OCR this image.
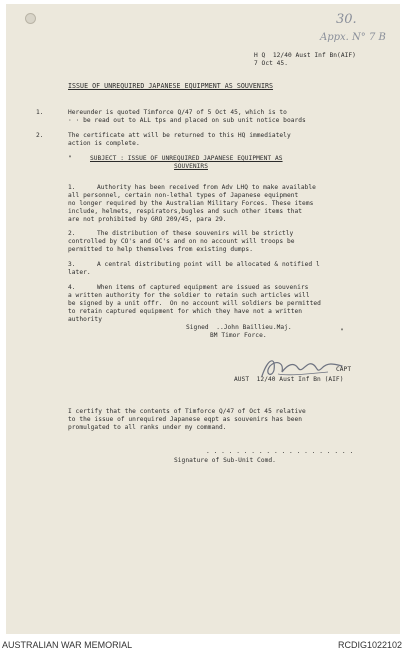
30.
Appx. N° 7 B

H Q  12/40 Aust Inf Bn(AIF)

7 Oct 45.

ISSUE OF UNREQUIRED JAPANESE EQUIPMENT AS SOUVENIRS

1.	Hereunder is quoted Timforce Q/47 of 5 Oct 45, which is to

· · be read out to ALL tps and placed on sub unit notice boards

2.	The certificate att will be returned to this HQ immediately

action is complete.

"	SUBJECT : ISSUE OF UNREQUIRED JAPANESE EQUIPMENT AS

SOUVENIRS

1.	Authority has been received from Adv LHQ to make available

all personnel, certain non-lethal types of Japanese equipment

no longer required by the Australian Military Forces. These items

include, helmets, respirators,bugles and such other items that

are not prohibited by GRO 209/45, para 29.

2.	The distribution of these souvenirs will be strictly

controlled by CO's and OC's and on no account will troops be

permitted to help themselves from existing dumps.

3.	A central distributing point will be allocated & notified l

later.

4.	When items of captured equipment are issued as souvenirs

a written authority for the soldier to retain such articles will

be signed by a unit offr.  On no account will soldiers be permitted

to retain captured equipment for which they have not a written

authority

Signed  ..John Baillieu.Maj.

BM Timor Force.

"

CAPT

AUST  12/40 Aust Inf Bn (AIF)

I certify that the contents of Timforce Q/47 of Oct 45 relative

to the issue of unrequired Japanese eqpt as souvenirs has been

promulgated to all ranks under my command.

. . . . . . . . . . . . . . . . . . . .

Signature of Sub-Unit Comd.

AUSTRALIAN WAR MEMORIAL	RCDIG1022102
